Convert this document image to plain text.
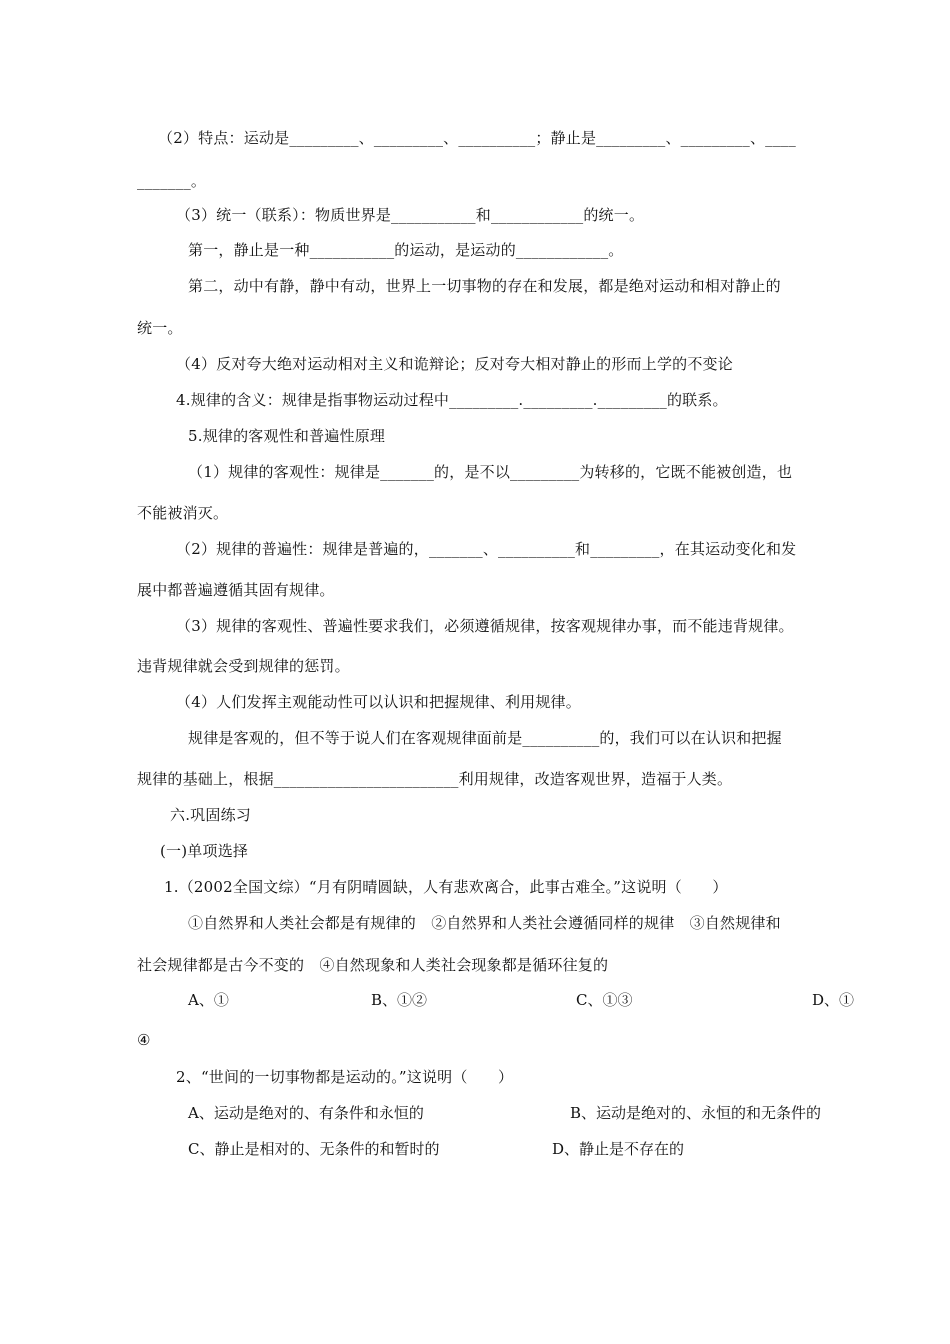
（2）特点：运动是_________、_________、__________；静止是_________、_________、____
_______。
（3）统一（联系）：物质世界是___________和____________的统一。
第一，静止是一种___________的运动，是运动的____________。
第二，动中有静，静中有动，世界上一切事物的存在和发展，都是绝对运动和相对静止的
统一。
（4）反对夸大绝对运动相对主义和诡辩论；反对夸大相对静止的形而上学的不变论
4.规律的含义：规律是指事物运动过程中_________._________._________的联系。
5.规律的客观性和普遍性原理
（1）规律的客观性：规律是_______的，是不以_________为转移的，它既不能被创造，也
不能被消灭。
（2）规律的普遍性：规律是普遍的，_______、__________和_________，在其运动变化和发
展中都普遍遵循其固有规律。
（3）规律的客观性、普遍性要求我们，必须遵循规律，按客观规律办事，而不能违背规律。
违背规律就会受到规律的惩罚。
（4）人们发挥主观能动性可以认识和把握规律、利用规律。
规律是客观的，但不等于说人们在客观规律面前是__________的，我们可以在认识和把握
规律的基础上，根据________________________利用规律，改造客观世界，造福于人类。
六.巩固练习
(一)单项选择
1.（2002全国文综）“月有阴晴圆缺，人有悲欢离合，此事古难全。”这说明（　　）
①自然界和人类社会都是有规律的　②自然界和人类社会遵循同样的规律　③自然规律和
社会规律都是古今不变的　④自然现象和人类社会现象都是循环往复的
A、①	B、①②	C、①③	D、①
④
2、“世间的一切事物都是运动的。”这说明（　　）
A、运动是绝对的、有条件和永恒的	B、运动是绝对的、永恒的和无条件的
C、静止是相对的、无条件的和暂时的	D、静止是不存在的
